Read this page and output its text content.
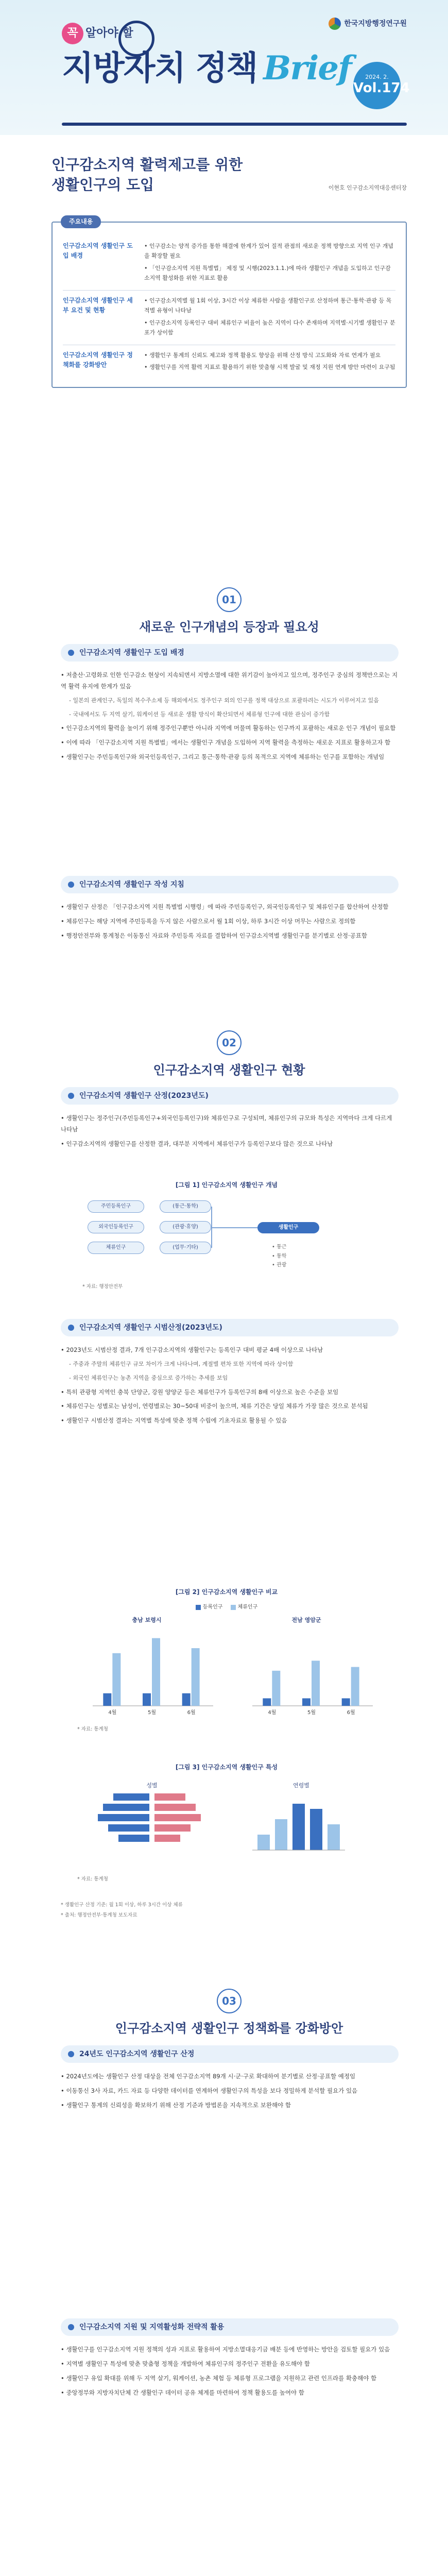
꼭 알아야 할
지방자치 정책 Brief
한국지방행정연구원
2024. 2.
Vol.174
인구감소지역 활력제고를 위한
생활인구의 도입	이현호 인구감소지역대응센터장
주요내용
인구감소지역 생활인구 도입 배경

• 인구감소는 양적 증가를 통한 해결에 한계가 있어 질적 관점의 새로운 정책 방향으로 지역 인구 개념을 확장할 필요

• 「인구감소지역 지원 특별법」 제정 및 시행(2023.1.1.)에 따라 생활인구 개념을 도입하고 인구감소지역 활성화를 위한 지표로 활용

인구감소지역 생활인구 세부 요건 및 현황

• 인구감소지역별 월 1회 이상, 3시간 이상 체류한 사람을 생활인구로 산정하며 통근·통학·관광 등 목적별 유형이 나타남

• 인구감소지역 등록인구 대비 체류인구 비율이 높은 지역이 다수 존재하며 지역별·시기별 생활인구 분포가 상이함

인구감소지역 생활인구 정책화를 강화방안

• 생활인구 통계의 신뢰도 제고와 정책 활용도 향상을 위해 산정 방식 고도화와 자료 연계가 필요

• 생활인구를 지역 활력 지표로 활용하기 위한 맞춤형 시책 발굴 및 재정 지원 연계 방안 마련이 요구됨

01
새로운 인구개념의 등장과 필요성
인구감소지역 생활인구 도입 배경

• 저출산·고령화로 인한 인구감소 현상이 지속되면서 지방소멸에 대한 위기감이 높아지고 있으며, 정주인구 중심의 정책만으로는 지역 활력 유지에 한계가 있음

- 일본의 관계인구, 독일의 복수주소제 등 해외에서도 정주인구 외의 인구를 정책 대상으로 포괄하려는 시도가 이루어지고 있음

- 국내에서도 두 지역 살기, 워케이션 등 새로운 생활 방식이 확산되면서 체류형 인구에 대한 관심이 증가함

• 인구감소지역의 활력을 높이기 위해 정주인구뿐만 아니라 지역에 머물며 활동하는 인구까지 포괄하는 새로운 인구 개념이 필요함

• 이에 따라 「인구감소지역 지원 특별법」에서는 생활인구 개념을 도입하여 지역 활력을 측정하는 새로운 지표로 활용하고자 함

• 생활인구는 주민등록인구와 외국인등록인구, 그리고 통근·통학·관광 등의 목적으로 지역에 체류하는 인구를 포함하는 개념임

인구감소지역 생활인구 작성 지침

• 생활인구 산정은 「인구감소지역 지원 특별법 시행령」에 따라 주민등록인구, 외국인등록인구 및 체류인구를 합산하여 산정함

• 체류인구는 해당 지역에 주민등록을 두지 않은 사람으로서 월 1회 이상, 하루 3시간 이상 머무는 사람으로 정의함

• 행정안전부와 통계청은 이동통신 자료와 주민등록 자료를 결합하여 인구감소지역별 생활인구를 분기별로 산정·공표함

02
인구감소지역 생활인구 현황
인구감소지역 생활인구 산정(2023년도)

• 생활인구는 정주인구(주민등록인구+외국인등록인구)와 체류인구로 구성되며, 체류인구의 규모와 특성은 지역마다 크게 다르게 나타남

• 인구감소지역의 생활인구를 산정한 결과, 대부분 지역에서 체류인구가 등록인구보다 많은 것으로 나타남

[그림 1] 인구감소지역 생활인구 개념
주민등록인구
외국인등록인구
체류인구
(통근·통학)
(관광·휴양)
(업무·기타)
생활인구
• 통근
• 통학
• 관광
* 자료: 행정안전부
인구감소지역 생활인구 시범산정(2023년도)

• 2023년도 시범산정 결과, 7개 인구감소지역의 생활인구는 등록인구 대비 평균 4배 이상으로 나타남

- 주중과 주말의 체류인구 규모 차이가 크게 나타나며, 계절별 편차 또한 지역에 따라 상이함

- 외국인 체류인구는 농촌 지역을 중심으로 증가하는 추세를 보임

• 특히 관광형 지역인 충북 단양군, 강원 양양군 등은 체류인구가 등록인구의 8배 이상으로 높은 수준을 보임

• 체류인구는 성별로는 남성이, 연령별로는 30~50대 비중이 높으며, 체류 기간은 당일 체류가 가장 많은 것으로 분석됨

• 생활인구 시범산정 결과는 지역별 특성에 맞춘 정책 수립에 기초자료로 활용될 수 있음

[그림 2] 인구감소지역 생활인구 비교
등록인구
	체류인구
충남 보령시
4월	5월	6월
전남 영암군
4월	5월	6월
* 자료: 통계청
[그림 3] 인구감소지역 생활인구 특성
성별	연령별
* 자료: 통계청
* 생활인구 산정 기준: 월 1회 이상, 하루 3시간 이상 체류
* 출처: 행정안전부·통계청 보도자료
03
인구감소지역 생활인구 정책화를 강화방안
24년도 인구감소지역 생활인구 산정

• 2024년도에는 생활인구 산정 대상을 전체 인구감소지역 89개 시·군·구로 확대하여 분기별로 산정·공표할 예정임

• 이동통신 3사 자료, 카드 자료 등 다양한 데이터를 연계하여 생활인구의 특성을 보다 정밀하게 분석할 필요가 있음

• 생활인구 통계의 신뢰성을 확보하기 위해 산정 기준과 방법론을 지속적으로 보완해야 함

인구감소지역 지원 및 지역활성화 전략적 활용

• 생활인구를 인구감소지역 지원 정책의 성과 지표로 활용하여 지방소멸대응기금 배분 등에 반영하는 방안을 검토할 필요가 있음

• 지역별 생활인구 특성에 맞춘 맞춤형 정책을 개발하여 체류인구의 정주인구 전환을 유도해야 함

• 생활인구 유입 확대를 위해 두 지역 살기, 워케이션, 농촌 체험 등 체류형 프로그램을 지원하고 관련 인프라를 확충해야 함

• 중앙정부와 지방자치단체 간 생활인구 데이터 공유 체계를 마련하여 정책 활용도를 높여야 함
